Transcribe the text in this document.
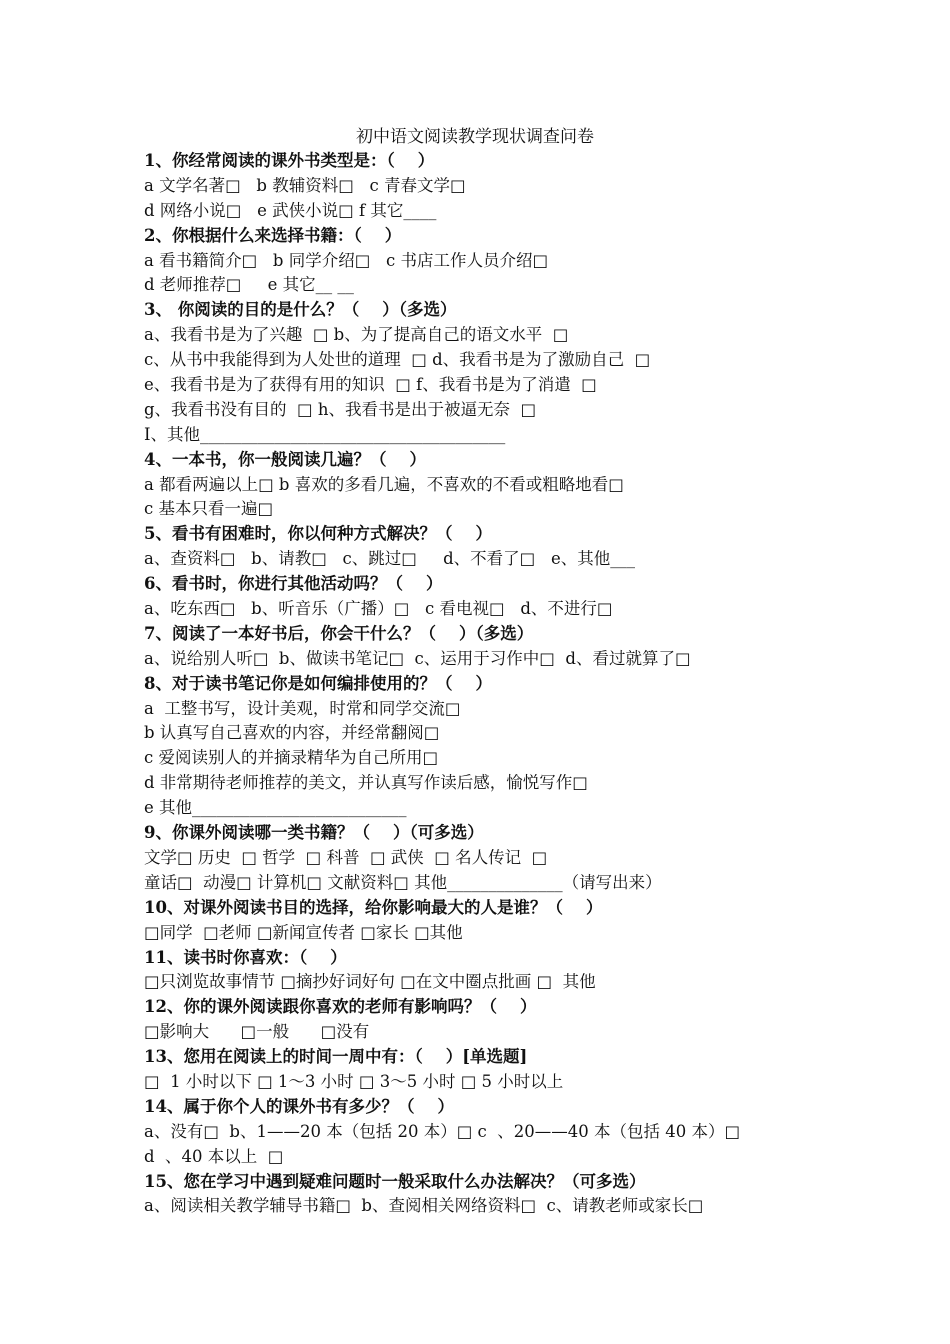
初中语文阅读教学现状调查问卷
1、你经常阅读的课外书类型是：（    ）
a 文学名著□   b 教辅资料□   c 青春文学□
d 网络小说□   e 武侠小说□ f 其它____
2、你根据什么来选择书籍：（    ）
a 看书籍简介□   b 同学介绍□   c 书店工作人员介绍□
d 老师推荐□     e 其它__ __
3、 你阅读的目的是什么？（    ）（多选）
a、我看书是为了兴趣  □ b、为了提高自己的语文水平  □
c、从书中我能得到为人处世的道理  □ d、我看书是为了激励自己  □
e、我看书是为了获得有用的知识  □ f、我看书是为了消遣  □
g、我看书没有目的  □ h、我看书是出于被逼无奈  □
I、其他_____________________________________
4、一本书，你一般阅读几遍？（    ）
a 都看两遍以上□ b 喜欢的多看几遍，不喜欢的不看或粗略地看□
c 基本只看一遍□
5、看书有困难时，你以何种方式解决？（    ）
a、查资料□   b、请教□   c、跳过□     d、不看了□   e、其他___
6、看书时，你进行其他活动吗？（    ）
a、吃东西□   b、听音乐（广播）□   c 看电视□   d、不进行□
7、阅读了一本好书后，你会干什么？（    ）（多选）
a、说给别人听□  b、做读书笔记□  c、运用于习作中□  d、看过就算了□
8、对于读书笔记你是如何编排使用的？（    ）
a  工整书写，设计美观，时常和同学交流□
b 认真写自己喜欢的内容，并经常翻阅□
c 爱阅读别人的并摘录精华为自己所用□
d 非常期待老师推荐的美文，并认真写作读后感，愉悦写作□
e 其他__________________________
9、你课外阅读哪一类书籍？（    ）（可多选）
文学□ 历史  □ 哲学  □ 科普  □ 武侠  □ 名人传记  □
童话□  动漫□ 计算机□ 文献资料□ 其他______________（请写出来）
10、对课外阅读书目的选择，给你影响最大的人是谁？（    ）
□同学  □老师 □新闻宣传者 □家长 □其他
11、读书时你喜欢：（    ）
□只浏览故事情节 □摘抄好词好句 □在文中圈点批画 □  其他
12、你的课外阅读跟你喜欢的老师有影响吗？（    ）
□影响大      □一般      □没有
13、您用在阅读上的时间一周中有：（    ）[单选题]
□  1 小时以下 □ 1～3 小时 □ 3～5 小时 □ 5 小时以上
14、属于你个人的课外书有多少？（    ）
a、没有□  b、1——20 本（包括 20 本）□ c  、20——40 本（包括 40 本）□
d  、40 本以上  □
15、您在学习中遇到疑难问题时一般采取什么办法解决？（可多选）
a、阅读相关教学辅导书籍□  b、查阅相关网络资料□  c、请教老师或家长□
